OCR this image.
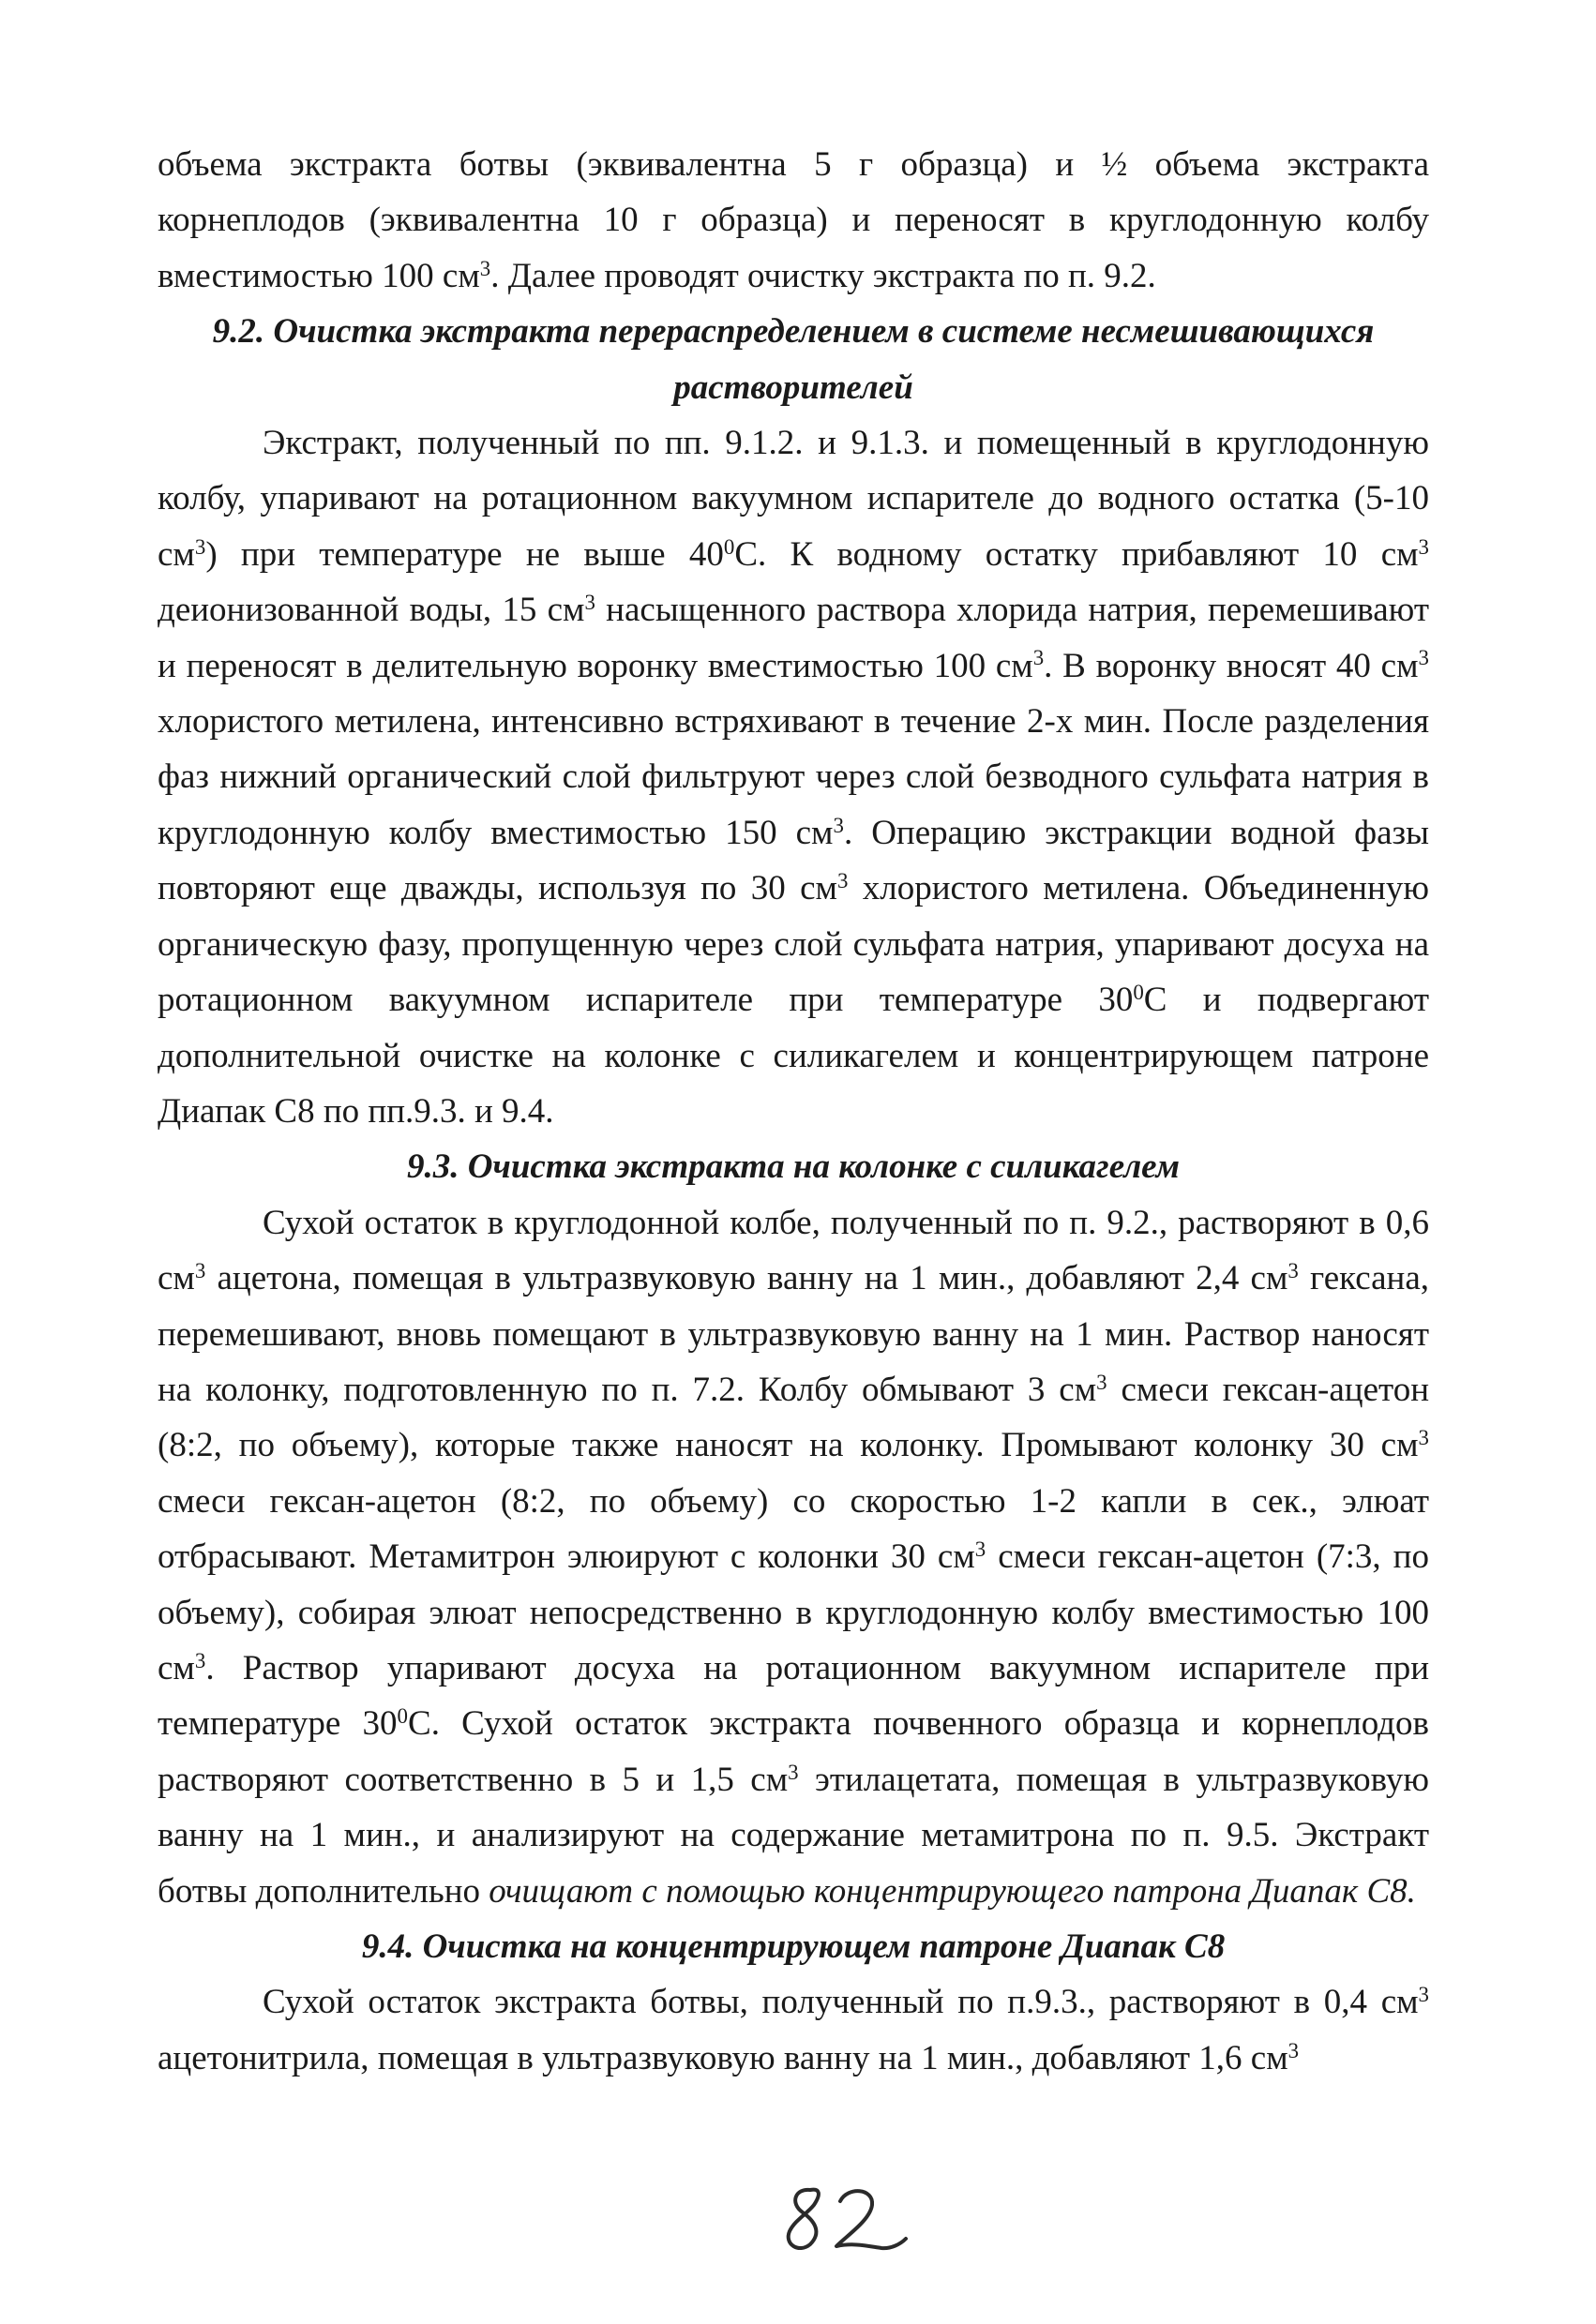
объема экстракта ботвы (эквивалентна 5 г образца) и ½ объема экстракта корнеплодов (эквивалентна 10 г образца) и переносят в круглодонную колбу вместимостью 100 $см^3$. Далее проводят очистку экстракта по п. 9.2.

9.2. Очистка экстракта перераспределением в системе несмешивающихся растворителей

Экстракт, полученный по пп. 9.1.2. и 9.1.3. и помещенный в круглодонную колбу, упаривают на ротационном вакуумном испарителе до водного остатка (5-10 $см^3$) при температуре не выше $40^0С$. К водному остатку прибавляют 10 $см^3$ деионизованной воды, 15 $см^3$ насыщенного раствора хлорида натрия, перемешивают и переносят в делительную воронку вместимостью 100 $см^3$. В воронку вносят 40 $см^3$ хлористого метилена, интенсивно встряхивают в течение 2-х мин. После разделения фаз нижний органический слой фильтруют через слой безводного сульфата натрия в круглодонную колбу вместимостью 150 $см^3$. Операцию экстракции водной фазы повторяют еще дважды, используя по 30 $см^3$ хлористого метилена. Объединенную органическую фазу, пропущенную через слой сульфата натрия, упаривают досуха на ротационном вакуумном испарителе при температуре $30^0С$ и подвергают дополнительной очистке на колонке с силикагелем и концентрирующем патроне Диапак С8 по пп.9.3. и 9.4.

9.3. Очистка экстракта на колонке с силикагелем

Сухой остаток в круглодонной колбе, полученный по п. 9.2., растворяют в 0,6 $см^3$ ацетона, помещая в ультразвуковую ванну на 1 мин., добавляют 2,4 $см^3$ гексана, перемешивают, вновь помещают в ультразвуковую ванну на 1 мин. Раствор наносят на колонку, подготовленную по п. 7.2. Колбу обмывают 3 $см^3$ смеси гексан-ацетон (8:2, по объему), которые также наносят на колонку. Промывают колонку 30 $см^3$ смеси гексан-ацетон (8:2, по объему) со скоростью 1-2 капли в сек., элюат отбрасывают. Метамитрон элюируют с колонки 30 $см^3$ смеси гексан-ацетон (7:3, по объему), собирая элюат непосредственно в круглодонную колбу вместимостью 100 $см^3$. Раствор упаривают досуха на ротационном вакуумном испарителе при температуре $30^0С$. Сухой остаток экстракта почвенного образца и корнеплодов растворяют соответственно в 5 и 1,5 $см^3$ этилацетата, помещая в ультразвуковую ванну на 1 мин., и анализируют на содержание метамитрона по п. 9.5. Экстракт ботвы дополнительно очищают с помощью концентрирующего патрона Диапак С8.

9.4. Очистка на концентрирующем патроне Диапак С8

Сухой остаток экстракта ботвы, полученный по п.9.3., растворяют в 0,4 $см^3$ ацетонитрила, помещая в ультразвуковую ванну на 1 мин., добавляют 1,6 $см^3$

82
